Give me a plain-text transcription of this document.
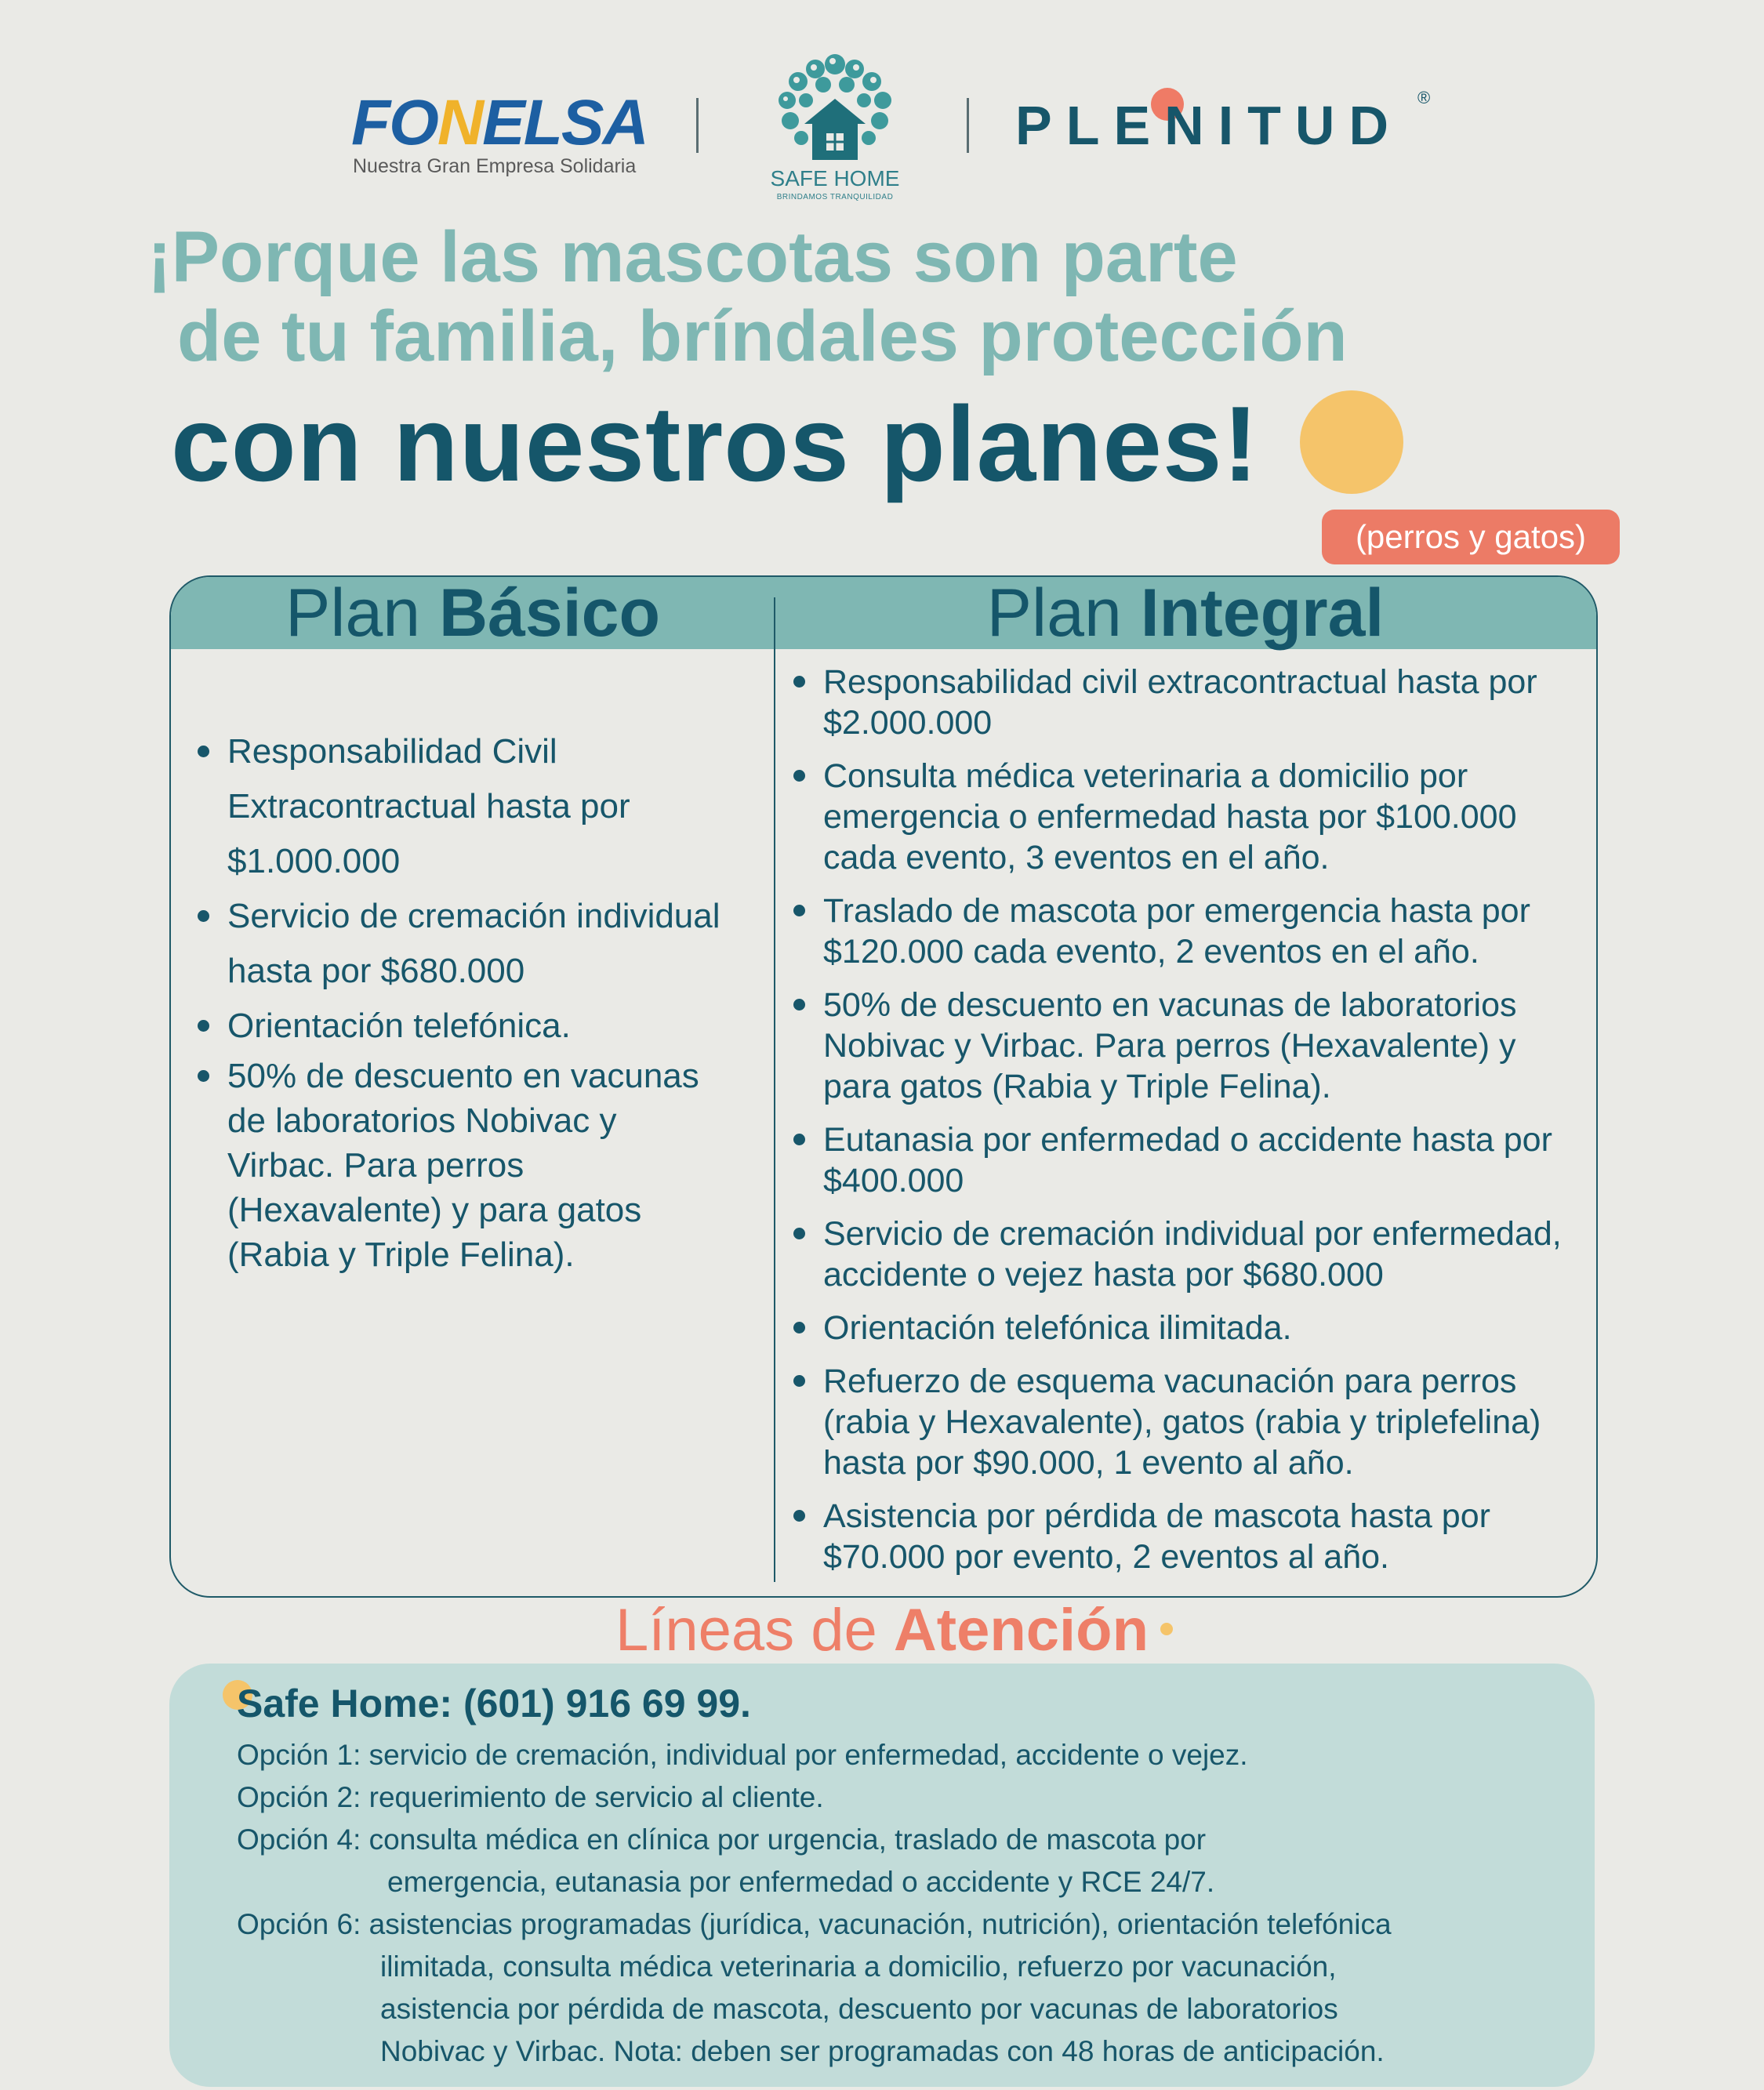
FONELSA
Nuestra Gran Empresa Solidaria	SAFE HOME
BRINDAMOS TRANQUILIDAD
PLENITUD ®
¡Porque las mascotas son parte
de tu familia, bríndales protección
con nuestros planes!
(perros y gatos)
Plan Básico	Plan Integral
Responsabilidad Civil Extracontractual hasta por $1.000.000
Servicio de cremación individual hasta por $680.000
Orientación telefónica.
50% de descuento en vacunas de laboratorios Nobivac y Virbac. Para perros (Hexavalente) y para gatos (Rabia y Triple Felina).
Responsabilidad civil extracontractual hasta por $2.000.000
Consulta médica veterinaria a domicilio por emergencia o enfermedad hasta por $100.000 cada evento, 3 eventos en el año.
Traslado de mascota por emergencia hasta por $120.000 cada evento, 2 eventos en el año.
50% de descuento en vacunas de laboratorios Nobivac y Virbac. Para perros (Hexavalente) y para gatos (Rabia y Triple Felina).
Eutanasia por enfermedad o accidente hasta por $400.000
Servicio de cremación individual por enfermedad, accidente o vejez hasta por $680.000
Orientación telefónica ilimitada.
Refuerzo de esquema vacunación para perros (rabia y Hexavalente), gatos (rabia y triplefelina) hasta por $90.000, 1 evento al año.
Asistencia por pérdida de mascota hasta por $70.000 por evento, 2 eventos al año.
Líneas de Atención
Safe Home: (601) 916 69 99.
Opción 1: servicio de cremación, individual por enfermedad, accidente o vejez.
Opción 2: requerimiento de servicio al cliente.
Opción 4: consulta médica en clínica por urgencia, traslado de mascota por
emergencia, eutanasia por enfermedad o accidente y RCE 24/7.
Opción 6: asistencias programadas (jurídica, vacunación, nutrición), orientación telefónica
ilimitada, consulta médica veterinaria a domicilio, refuerzo por vacunación,
asistencia por pérdida de mascota, descuento por vacunas de laboratorios
Nobivac y Virbac. Nota: deben ser programadas con 48 horas de anticipación.
